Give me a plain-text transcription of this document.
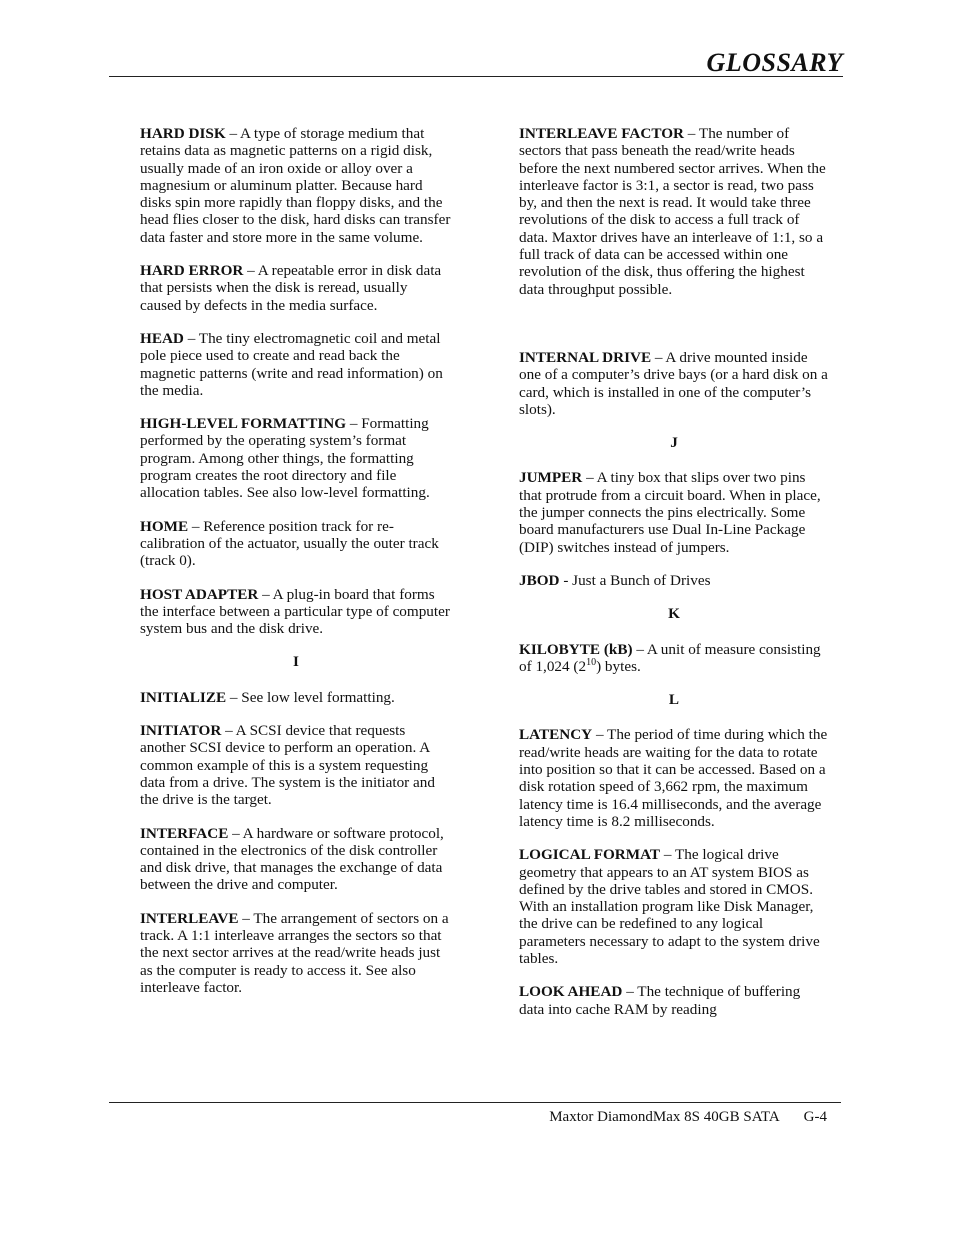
GLOSSARY

HARD DISK – A type of storage medium that retains data as magnetic patterns on a rigid disk, usually made of an iron oxide or alloy over a magnesium or aluminum platter. Because hard disks spin more rapidly than floppy disks, and the head flies closer to the disk, hard disks can transfer data faster and store more in the same volume.

HARD ERROR – A repeatable error in disk data that persists when the disk is reread, usually caused by defects in the media surface.

HEAD – The tiny electromagnetic coil and metal pole piece used to create and read back the magnetic patterns (write and read information) on the media.

HIGH-LEVEL FORMATTING – Formatting performed by the operating system’s format program. Among other things, the formatting program creates the root directory and file allocation tables. See also low-level formatting.

HOME – Reference position track for re-calibration of the actuator, usually the outer track (track 0).

HOST ADAPTER – A plug-in board that forms the interface between a particular type of computer system bus and the disk drive.

I

INITIALIZE – See low level formatting.

INITIATOR – A SCSI device that requests another SCSI device to perform an operation. A common example of this is a system requesting data from a drive. The system is the initiator and the drive is the target.

INTERFACE – A hardware or software protocol, contained in the electronics of the disk controller and disk drive, that manages the exchange of data between the drive and computer.

INTERLEAVE – The arrangement of sectors on a track. A 1:1 interleave arranges the sectors so that the next sector arrives at the read/write heads just as the computer is ready to access it. See also interleave factor.

INTERLEAVE FACTOR – The number of sectors that pass beneath the read/write heads before the next numbered sector arrives. When the interleave factor is 3:1, a sector is read, two pass by, and then the next is read. It would take three revolutions of the disk to access a full track of data. Maxtor drives have an interleave of 1:1, so a full track of data can be accessed within one revolution of the disk, thus offering the highest data throughput possible.

INTERNAL DRIVE – A drive mounted inside one of a computer’s drive bays (or a hard disk on a card, which is installed in one of the computer’s slots).

J

JUMPER – A tiny box that slips over two pins that protrude from a circuit board. When in place, the jumper connects the pins electrically. Some board manufacturers use Dual In-Line Package (DIP) switches instead of jumpers.

JBOD - Just a Bunch of Drives

K

KILOBYTE (kB) – A unit of measure consisting of 1,024 $(2^{10})$ bytes.

L

LATENCY – The period of time during which the read/write heads are waiting for the data to rotate into position so that it can be accessed. Based on a disk rotation speed of 3,662 rpm, the maximum latency time is 16.4 milliseconds, and the average latency time is 8.2 milliseconds.

LOGICAL FORMAT – The logical drive geometry that appears to an AT system BIOS as defined by the drive tables and stored in CMOS. With an installation program like Disk Manager, the drive can be redefined to any logical parameters necessary to adapt to the system drive tables.

LOOK AHEAD – The technique of buffering data into cache RAM by reading

Maxtor DiamondMax 8S 40GB SATA G-4
